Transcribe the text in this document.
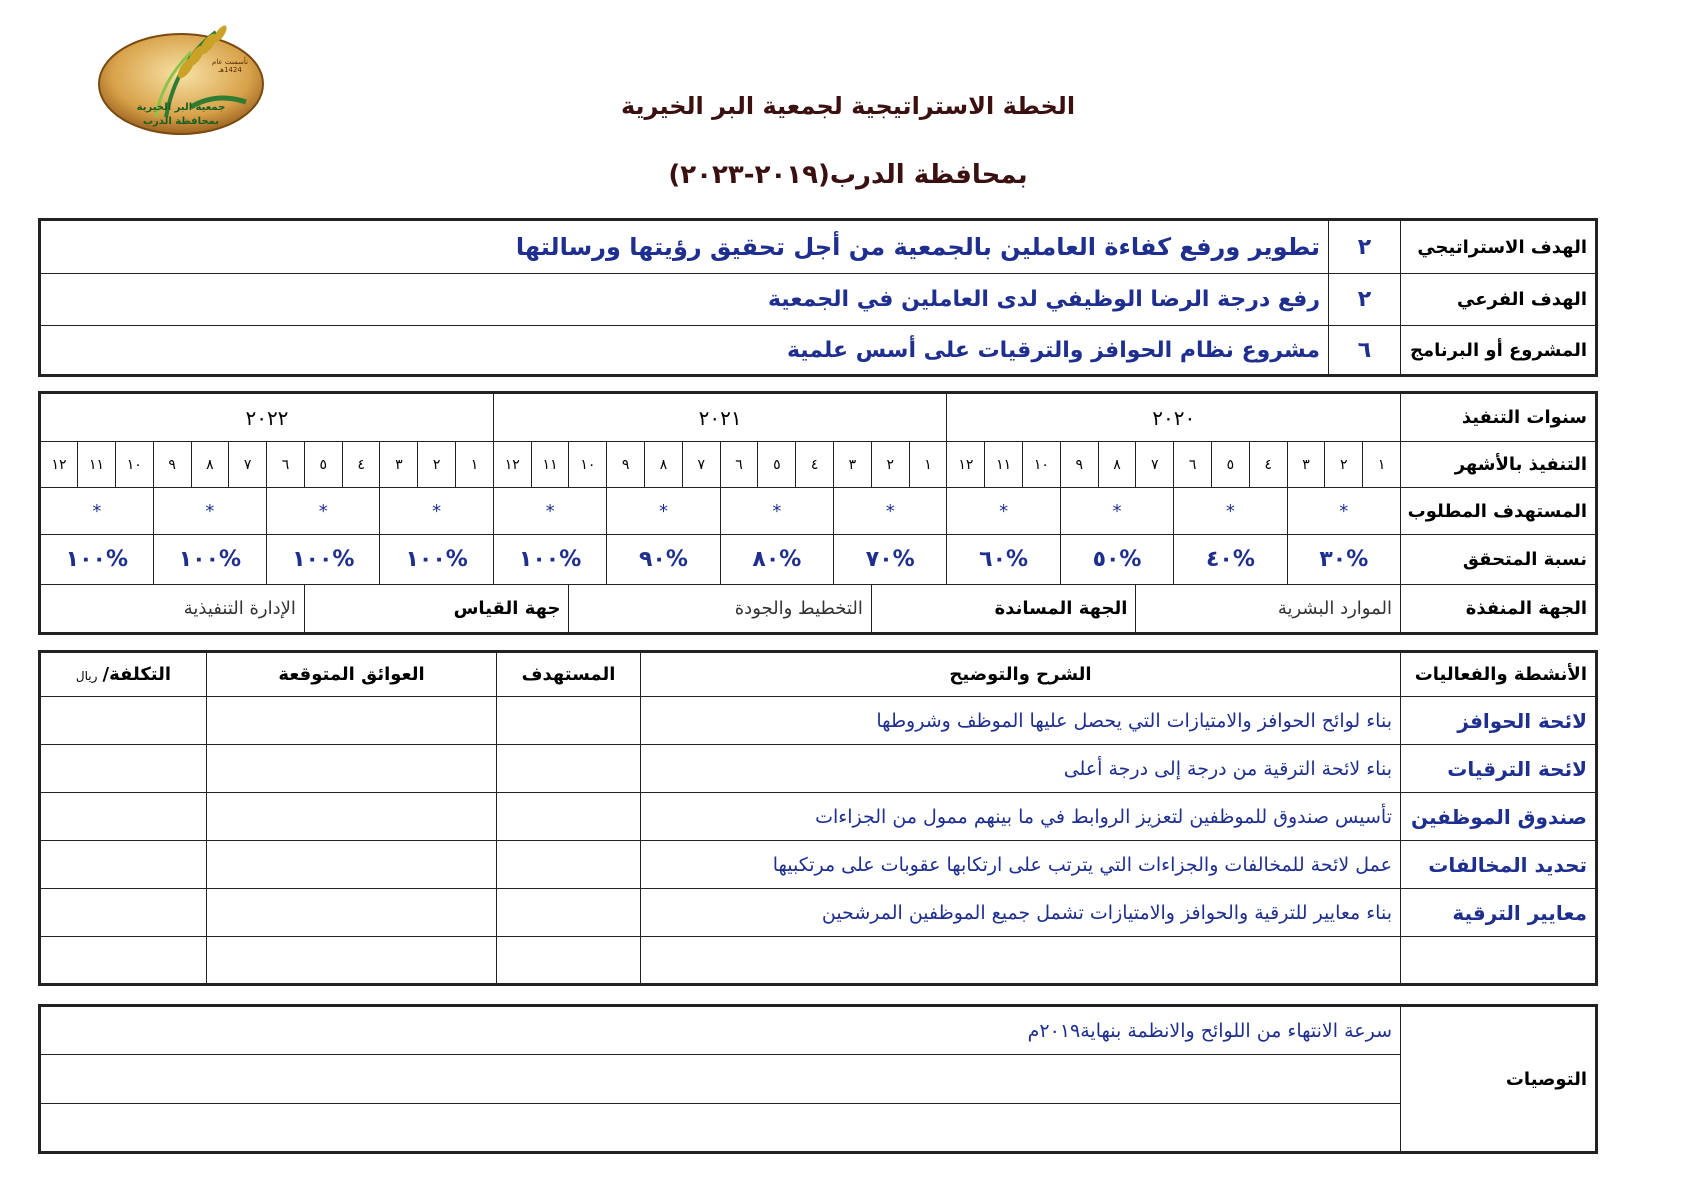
تأسست عام 1424هـ
جمعية البر الخيرية
بمحافظة الدرب
الخطة الاستراتيجية لجمعية البر الخيرية
بمحافظة الدرب(٢٠١٩-٢٠٢٣)
الهدف الاستراتيجي	٢	تطوير ورفع كفاءة العاملين بالجمعية من أجل تحقيق رؤيتها ورسالتها
الهدف الفرعي	٢	رفع درجة الرضا الوظيفي لدى العاملين في الجمعية
المشروع أو البرنامج	٦	مشروع نظام الحوافز والترقيات على أسس علمية
سنوات التنفيذ	٢٠٢٠												٢٠٢١												٢٠٢٢											
التنفيذ بالأشهر	١	٢	٣	٤	٥	٦	٧	٨	٩	١٠	١١	١٢	١	٢	٣	٤	٥	٦	٧	٨	٩	١٠	١١	١٢	١	٢	٣	٤	٥	٦	٧	٨	٩	١٠	١١	١٢
المستهدف المطلوب	*			*			*			*			*			*			*			*			*			*			*			*		
نسبة المتحقق	%٣٠			%٤٠			%٥٠			%٦٠			%٧٠			%٨٠			%٩٠			%١٠٠			%١٠٠			%١٠٠			%١٠٠			%١٠٠		
الجهة المنفذة	الموارد البشرية							الجهة المساندة							التخطيط والجودة								جهة القياس							الإدارة التنفيذية						
الأنشطة والفعاليات	الشرح والتوضيح	المستهدف	العوائق المتوقعة	التكلفة/ ريال
لائحة الحوافز	بناء لوائح الحوافز والامتيازات التي يحصل عليها الموظف وشروطها			
لائحة الترقيات	بناء لائحة الترقية من درجة إلى درجة أعلى			
صندوق الموظفين	تأسيس صندوق للموظفين لتعزيز الروابط في ما بينهم ممول من الجزاءات			
تحديد المخالفات	عمل لائحة للمخالفات والجزاءات التي يترتب على ارتكابها عقوبات على مرتكبيها			
معايير الترقية	بناء معايير للترقية والحوافز والامتيازات تشمل جميع الموظفين المرشحين			

التوصيات	سرعة الانتهاء من اللوائح والانظمة بنهاية٢٠١٩م
